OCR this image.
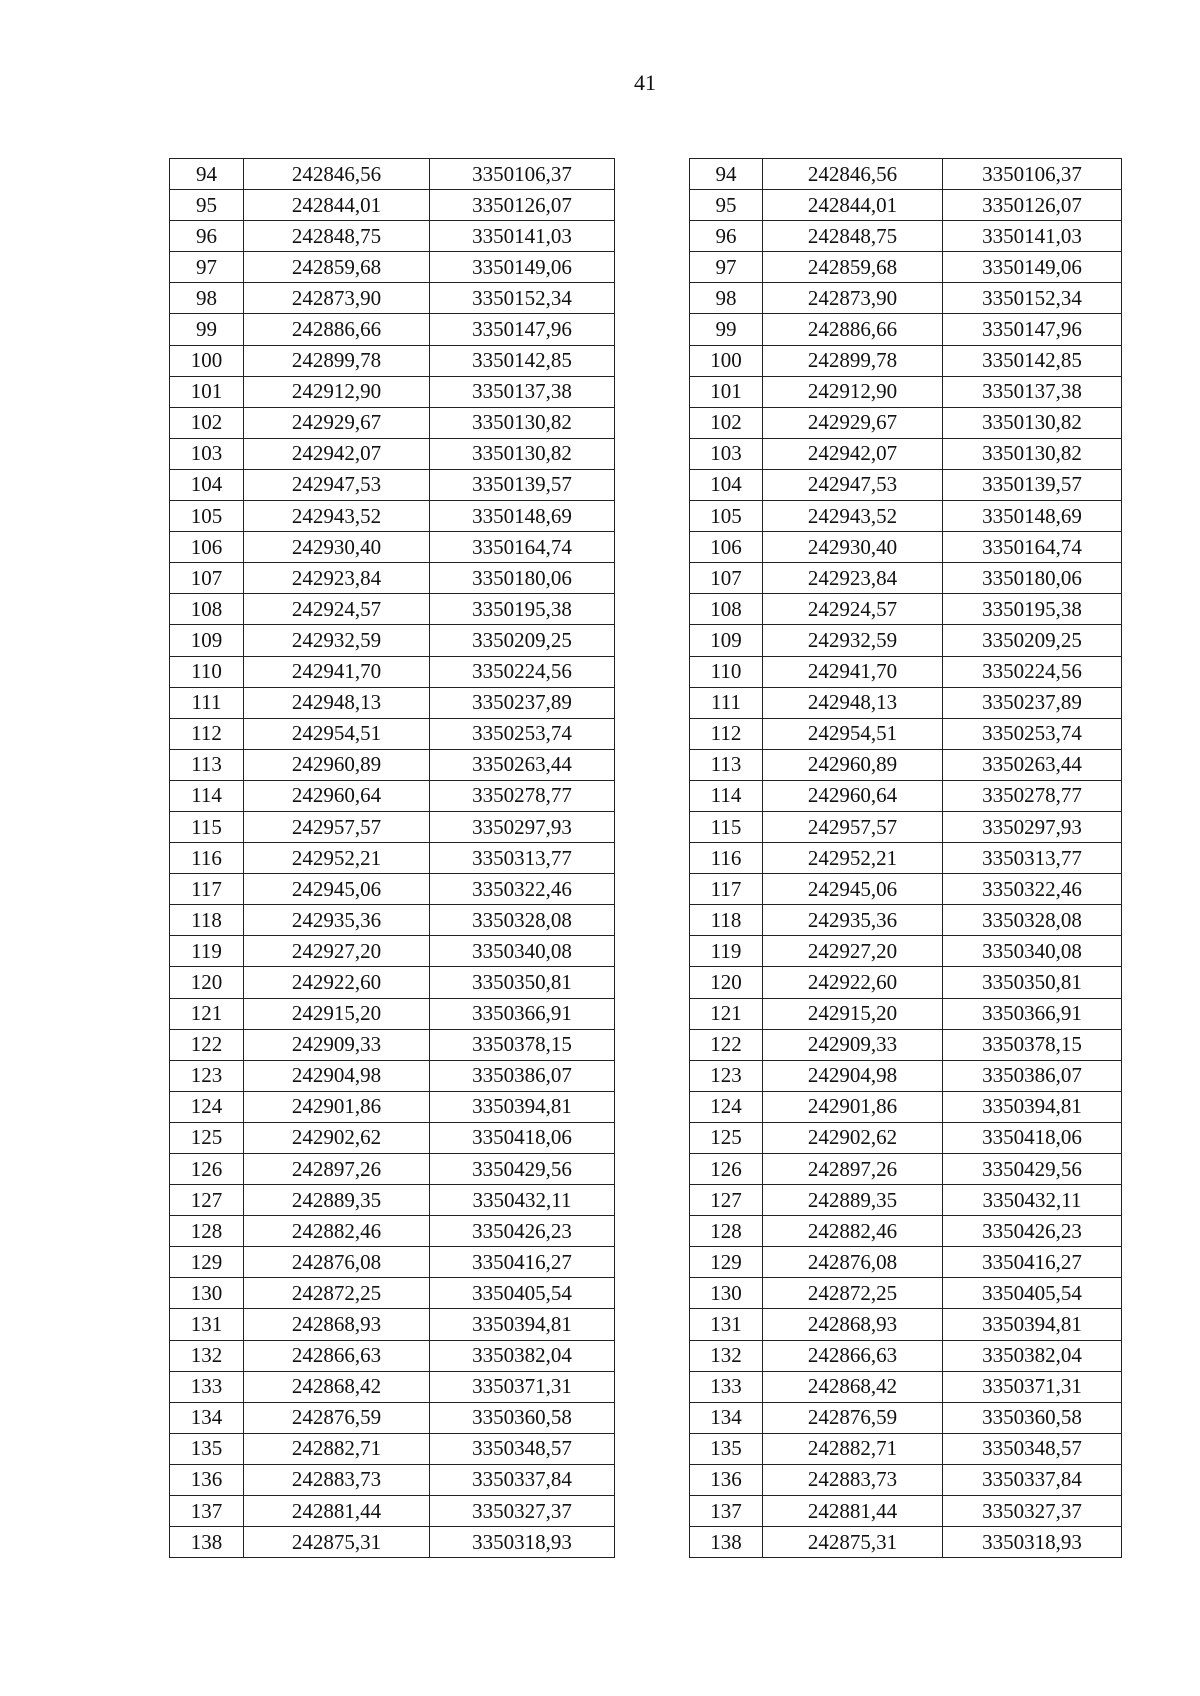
41
94	242846,56	3350106,37
95	242844,01	3350126,07
96	242848,75	3350141,03
97	242859,68	3350149,06
98	242873,90	3350152,34
99	242886,66	3350147,96
100	242899,78	3350142,85
101	242912,90	3350137,38
102	242929,67	3350130,82
103	242942,07	3350130,82
104	242947,53	3350139,57
105	242943,52	3350148,69
106	242930,40	3350164,74
107	242923,84	3350180,06
108	242924,57	3350195,38
109	242932,59	3350209,25
110	242941,70	3350224,56
111	242948,13	3350237,89
112	242954,51	3350253,74
113	242960,89	3350263,44
114	242960,64	3350278,77
115	242957,57	3350297,93
116	242952,21	3350313,77
117	242945,06	3350322,46
118	242935,36	3350328,08
119	242927,20	3350340,08
120	242922,60	3350350,81
121	242915,20	3350366,91
122	242909,33	3350378,15
123	242904,98	3350386,07
124	242901,86	3350394,81
125	242902,62	3350418,06
126	242897,26	3350429,56
127	242889,35	3350432,11
128	242882,46	3350426,23
129	242876,08	3350416,27
130	242872,25	3350405,54
131	242868,93	3350394,81
132	242866,63	3350382,04
133	242868,42	3350371,31
134	242876,59	3350360,58
135	242882,71	3350348,57
136	242883,73	3350337,84
137	242881,44	3350327,37
138	242875,31	3350318,93
94	242846,56	3350106,37
95	242844,01	3350126,07
96	242848,75	3350141,03
97	242859,68	3350149,06
98	242873,90	3350152,34
99	242886,66	3350147,96
100	242899,78	3350142,85
101	242912,90	3350137,38
102	242929,67	3350130,82
103	242942,07	3350130,82
104	242947,53	3350139,57
105	242943,52	3350148,69
106	242930,40	3350164,74
107	242923,84	3350180,06
108	242924,57	3350195,38
109	242932,59	3350209,25
110	242941,70	3350224,56
111	242948,13	3350237,89
112	242954,51	3350253,74
113	242960,89	3350263,44
114	242960,64	3350278,77
115	242957,57	3350297,93
116	242952,21	3350313,77
117	242945,06	3350322,46
118	242935,36	3350328,08
119	242927,20	3350340,08
120	242922,60	3350350,81
121	242915,20	3350366,91
122	242909,33	3350378,15
123	242904,98	3350386,07
124	242901,86	3350394,81
125	242902,62	3350418,06
126	242897,26	3350429,56
127	242889,35	3350432,11
128	242882,46	3350426,23
129	242876,08	3350416,27
130	242872,25	3350405,54
131	242868,93	3350394,81
132	242866,63	3350382,04
133	242868,42	3350371,31
134	242876,59	3350360,58
135	242882,71	3350348,57
136	242883,73	3350337,84
137	242881,44	3350327,37
138	242875,31	3350318,93
